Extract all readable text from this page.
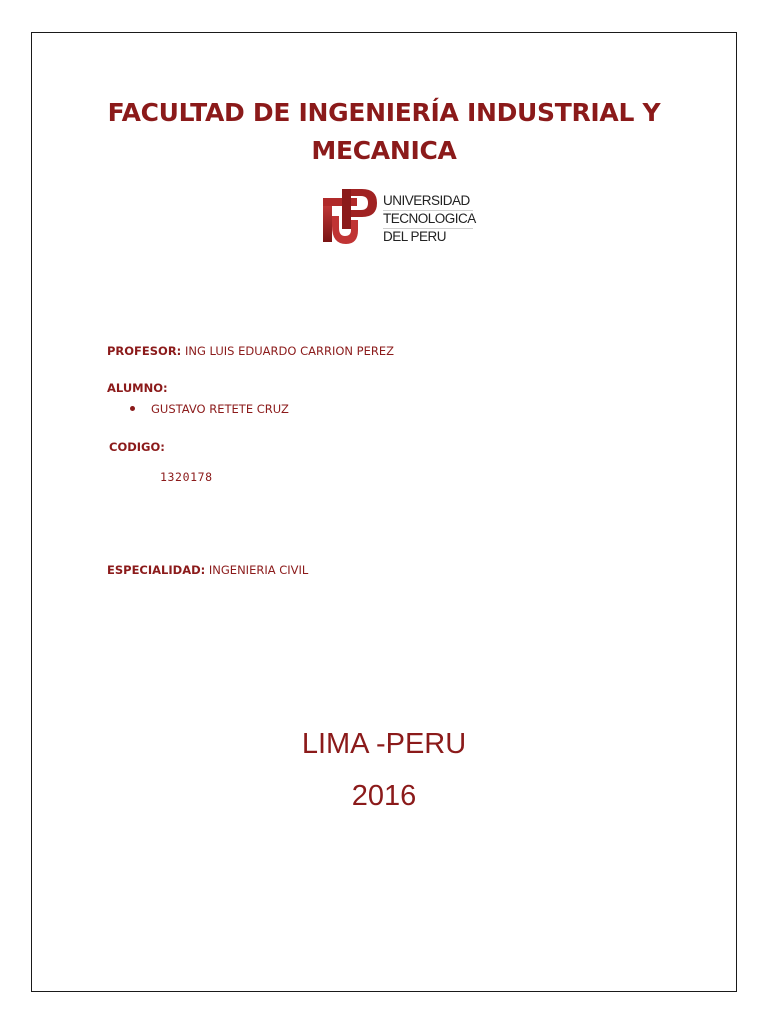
FACULTAD DE INGENIERÍA INDUSTRIAL Y
MECANICA
UNIVERSIDAD
TECNOLOGICA
DEL PERU
PROFESOR: ING LUIS EDUARDO CARRION PEREZ
ALUMNO:
GUSTAVO RETETE CRUZ
CODIGO:
1320178
ESPECIALIDAD: INGENIERIA CIVIL
LIMA -PERU
2016
